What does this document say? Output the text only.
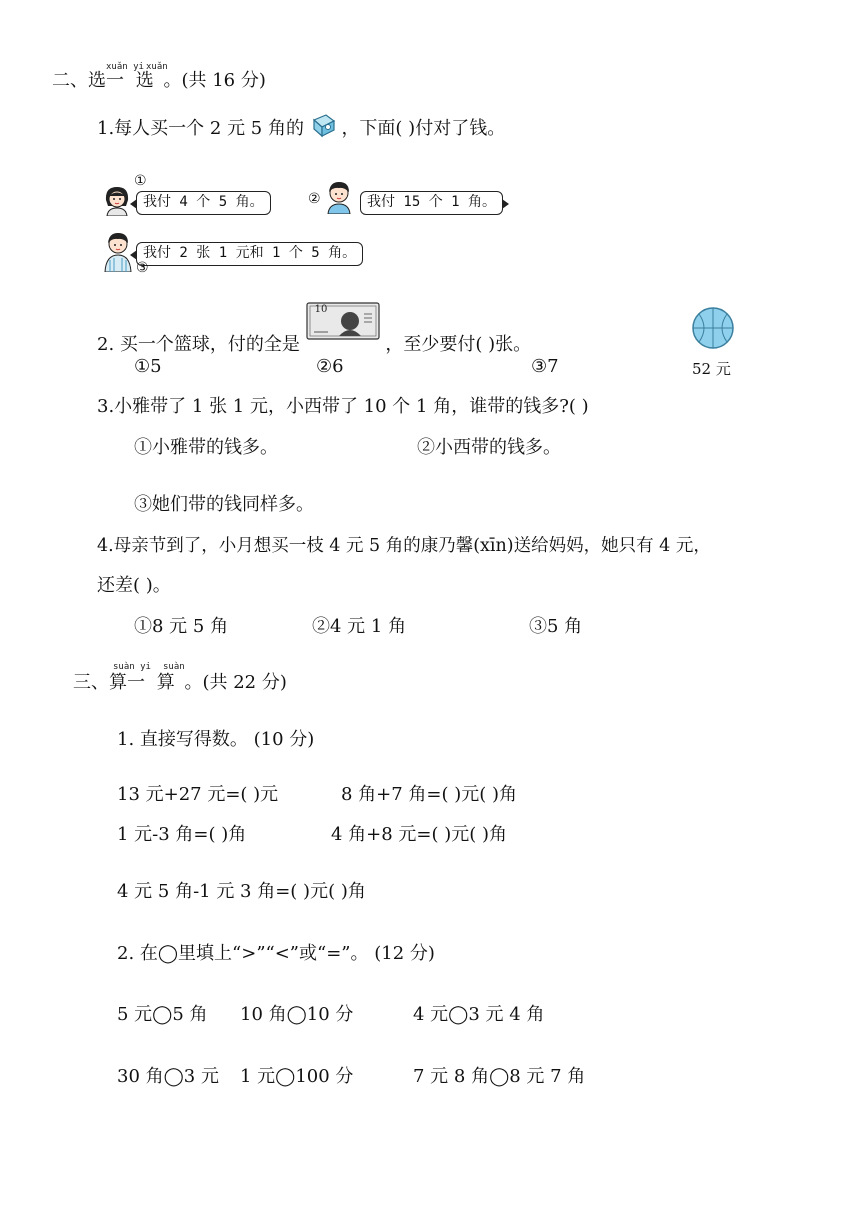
xuǎn yi xuǎn
二、选一 选 。(共 16 分)
1.每人买一个 2 元 5 角的 ，下面( )付对了钱。
①
我付 4 个 5 角。	②	我付 15 个 1 角。
我付 2 张 1 元和 1 个 5 角。
③
2. 买一个篮球，付的全是
10
，至少要付( )张。
①5	②6	③7	52 元
3.小雅带了 1 张 1 元，小西带了 10 个 1 角，谁带的钱多?( )
①小雅带的钱多。	②小西带的钱多。
③她们带的钱同样多。
4.母亲节到了，小月想买一枝 4 元 5 角的康乃馨(xīn)送给妈妈，她只有 4 元，
还差( )。
①8 元 5 角	②4 元 1 角	③5 角
suàn yi suàn
三、算一 算 。(共 22 分)
1. 直接写得数。 (10 分)
13 元+27 元=( )元	8 角+7 角=( )元( )角
1 元-3 角=( )角	4 角+8 元=( )元( )角
4 元 5 角-1 元 3 角=( )元( )角
2. 在◯里填上“>”“<”或“=”。 (12 分)
5 元◯5 角 10 角◯10 分	4 元◯3 元 4 角
30 角◯3 元 1 元◯100 分	7 元 8 角◯8 元 7 角
